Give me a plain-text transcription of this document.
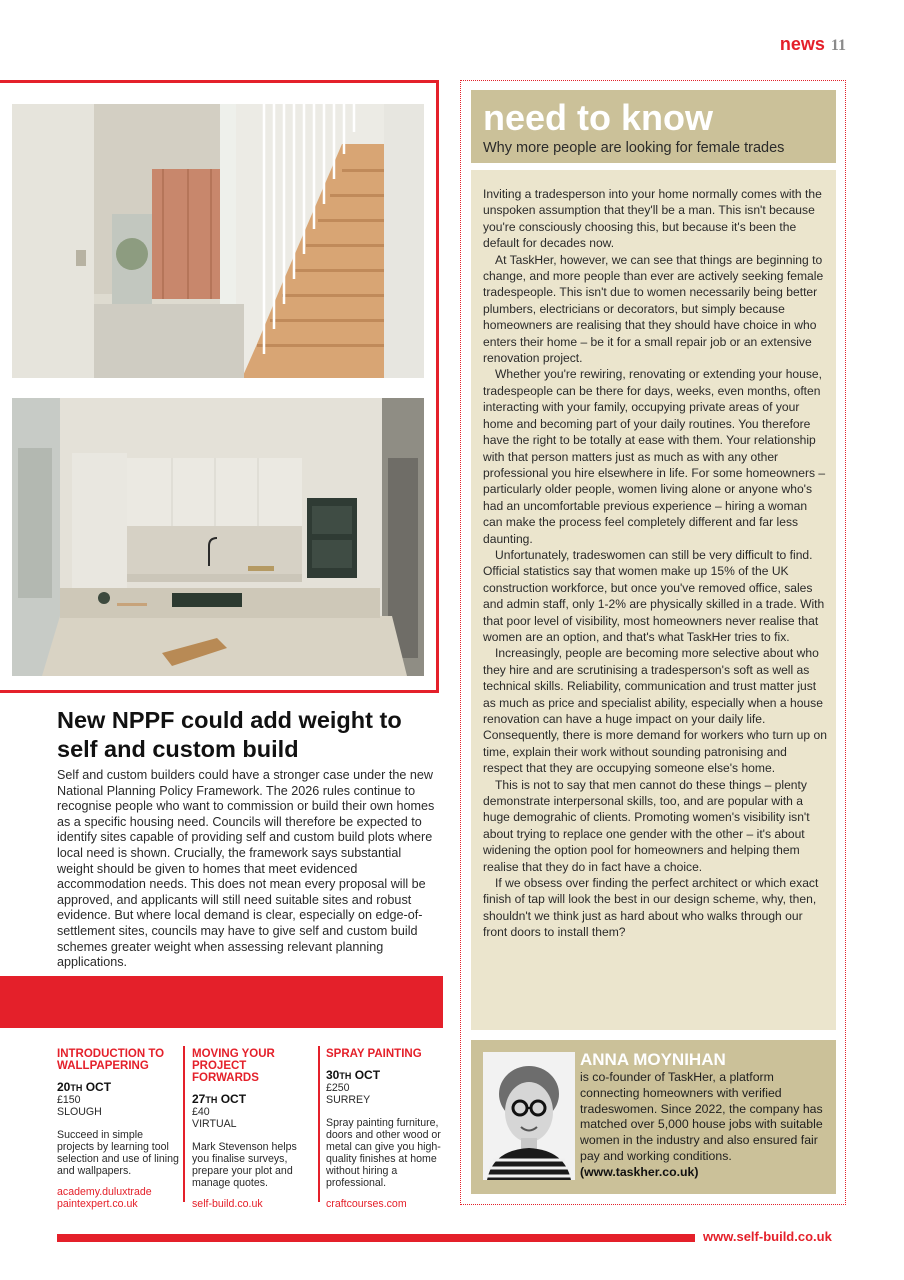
news 11
New NPPF could add weight to self and custom build
Self and custom builders could have a stronger case under the new National Planning Policy Framework. The 2026 rules continue to recognise people who want to commission or build their own homes as a specific housing need. Councils will therefore be expected to identify sites capable of providing self and custom build plots where local need is shown. Crucially, the framework says substantial weight should be given to homes that meet evidenced accommodation needs. This does not mean every proposal will be approved, and applicants will still need suitable sites and robust evidence. But where local demand is clear, especially on edge-of-settlement sites, councils may have to give self and custom build schemes greater weight when assessing relevant planning applications.
INTRODUCTION TO WALLPAPERING
20TH OCT
£150
SLOUGH
Succeed in simple projects by learning tool selection and use of lining and wallpapers.
academy.duluxtrade paintexpert.co.uk
MOVING YOUR PROJECT FORWARDS
27TH OCT
£40
VIRTUAL
Mark Stevenson helps you finalise surveys, prepare your plot and manage quotes.
self-build.co.uk
SPRAY PAINTING
30TH OCT
£250
SURREY
Spray painting furniture, doors and other wood or metal can give you high-quality finishes at home without hiring a professional.
craftcourses.com
need to know
Why more people are looking for female trades

Inviting a tradesperson into your home normally comes with the unspoken assumption that they'll be a man. This isn't because you're consciously choosing this, but because it's been the default for decades now.

At TaskHer, however, we can see that things are beginning to change, and more people than ever are actively seeking female tradespeople. This isn't due to women necessarily being better plumbers, electricians or decorators, but simply because homeowners are realising that they should have choice in who enters their home – be it for a small repair job or an extensive renovation project.

Whether you're rewiring, renovating or extending your house, tradespeople can be there for days, weeks, even months, often interacting with your family, occupying private areas of your home and becoming part of your daily routines. You therefore have the right to be totally at ease with them. Your relationship with that person matters just as much as with any other professional you hire elsewhere in life. For some homeowners – particularly older people, women living alone or anyone who's had an uncomfortable previous experience – hiring a woman can make the process feel completely different and far less daunting.

Unfortunately, tradeswomen can still be very difficult to find. Official statistics say that women make up 15% of the UK construction workforce, but once you've removed office, sales and admin staff, only 1-2% are physically skilled in a trade. With that poor level of visibility, most homeowners never realise that women are an option, and that's what TaskHer tries to fix.

Increasingly, people are becoming more selective about who they hire and are scrutinising a tradesperson's soft as well as technical skills. Reliability, communication and trust matter just as much as price and specialist ability, especially when a house renovation can have a huge impact on your daily life. Consequently, there is more demand for workers who turn up on time, explain their work without sounding patronising and respect that they are occupying someone else's home.

This is not to say that men cannot do these things – plenty demonstrate interpersonal skills, too, and are popular with a huge demograhic of clients. Promoting women's visibility isn't about trying to replace one gender with the other – it's about widening the option pool for homeowners and helping them realise that they do in fact have a choice.

If we obsess over finding the perfect architect or which exact finish of tap will look the best in our design scheme, why, then, shouldn't we think just as hard about who walks through our front doors to install them?

ANNA MOYNIHAN
is co-founder of TaskHer, a platform connecting homeowners with verified tradeswomen. Since 2022, the company has matched over 5,000 house jobs with suitable women in the industry and also ensured fair pay and working conditions. (www.taskher.co.uk)
www.self-build.co.uk
